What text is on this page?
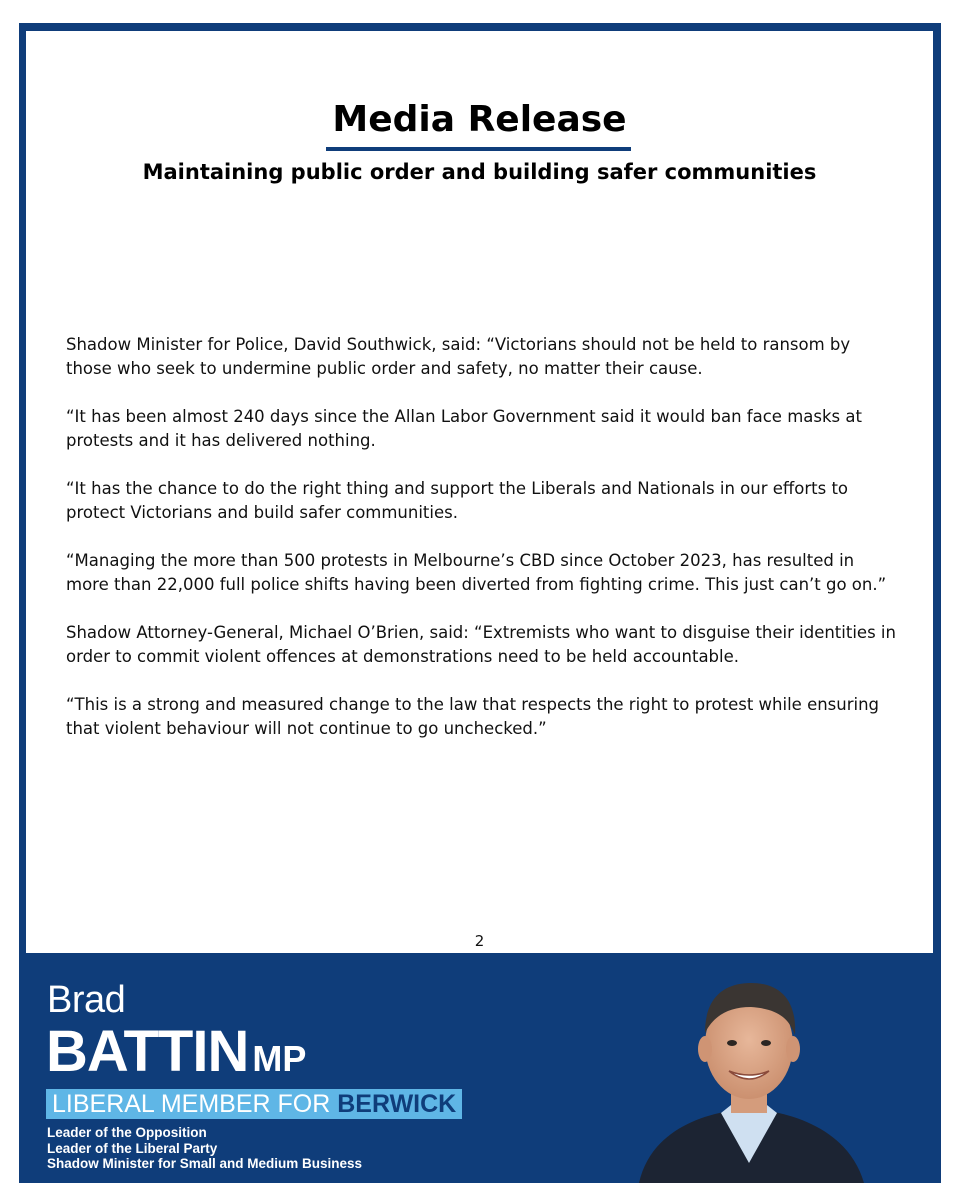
Media Release
Maintaining public order and building safer communities

Shadow Minister for Police, David Southwick, said: “Victorians should not be held to ransom by those who seek to undermine public order and safety, no matter their cause.

“It has been almost 240 days since the Allan Labor Government said it would ban face masks at protests and it has delivered nothing.

“It has the chance to do the right thing and support the Liberals and Nationals in our efforts to protect Victorians and build safer communities.

“Managing the more than 500 protests in Melbourne’s CBD since October 2023, has resulted in more than 22,000 full police shifts having been diverted from fighting crime. This just can’t go on.”

Shadow Attorney-General, Michael O’Brien, said: “Extremists who want to disguise their identities in order to commit violent offences at demonstrations need to be held accountable.

“This is a strong and measured change to the law that respects the right to protest while ensuring that violent behaviour will not continue to go unchecked.”

2
Brad
BATTIN MP
LIBERAL MEMBER FOR BERWICK
Leader of the Opposition
Leader of the Liberal Party
Shadow Minister for Small and Medium Business
